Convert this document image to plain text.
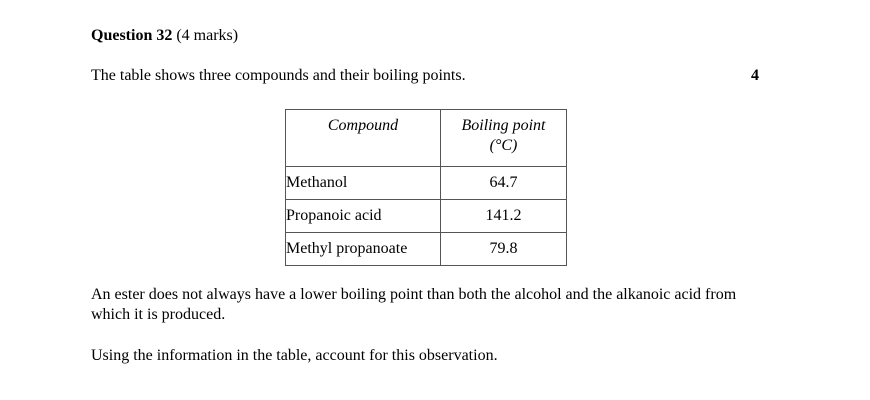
Question 32 (4 marks)
The table shows three compounds and their boiling points.	4
Compound	Boiling point
(°C)
Methanol	64.7
Propanoic acid	141.2
Methyl propanoate	79.8
An ester does not always have a lower boiling point than both the alcohol and the alkanoic acid from which it is produced.
Using the information in the table, account for this observation.
